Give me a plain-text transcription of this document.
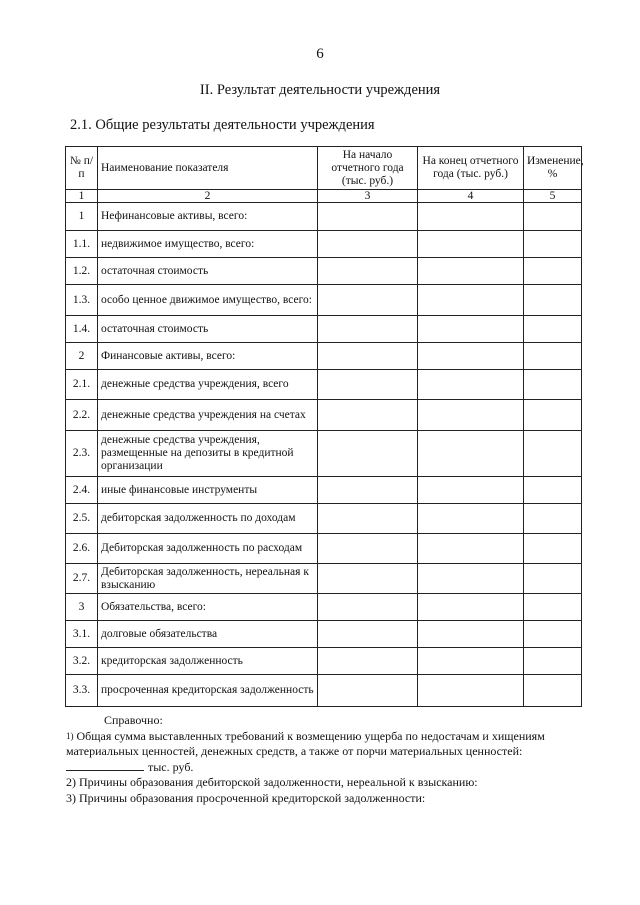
6
II. Результат деятельности учреждения
2.1. Общие результаты деятельности учреждения
№ п/п	Наименование показателя	На начало отчетного года (тыс. руб.)	На конец отчетного года (тыс. руб.)	Изменение, %
1	2	3	4	5
1	Нефинансовые активы, всего:			
1.1.	недвижимое имущество, всего:			
1.2.	остаточная стоимость			
1.3.	особо ценное движимое имущество, всего:			
1.4.	остаточная стоимость			
2	Финансовые активы, всего:			
2.1.	денежные средства учреждения, всего			
2.2.	денежные средства учреждения на счетах			
2.3.	денежные средства учреждения, размещенные на депозиты в кредитной организации			
2.4.	иные финансовые инструменты			
2.5.	дебиторская задолженность по доходам			
2.6.	Дебиторская задолженность по расходам			
2.7.	Дебиторская задолженность, нереальная к взысканию			
3	Обязательства, всего:			
3.1.	долговые обязательства			
3.2.	кредиторская задолженность			
3.3.	просроченная кредиторская задолженность			
Справочно:

1) Общая сумма выставленных требований к возмещению ущерба по недостачам и хищениям материальных ценностей, денежных средств, а также от порчи материальных ценностей:

тыс. руб.

2) Причины образования дебиторской задолженности, нереальной к взысканию:

3) Причины образования просроченной кредиторской задолженности:
